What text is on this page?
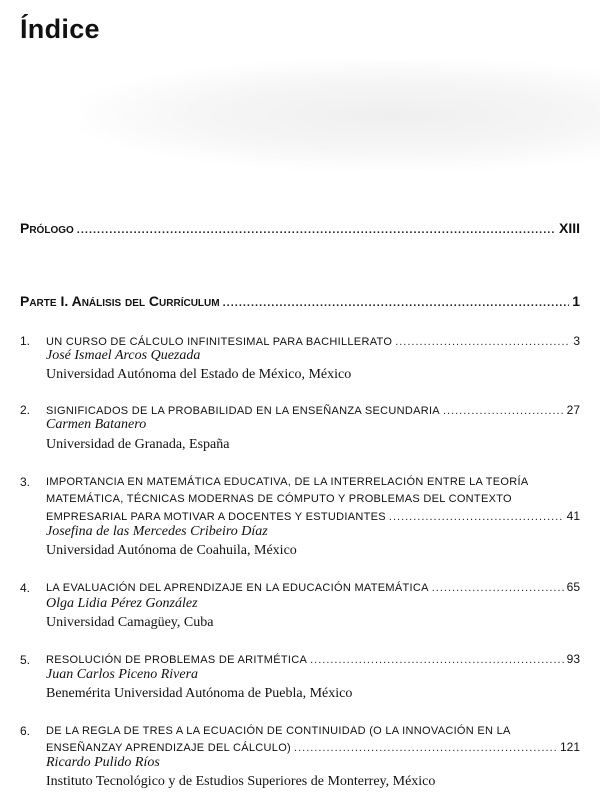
Índice
Prólogo .....	XIII
Parte I. Análisis del Currículum .....	1
1. UN CURSO DE CÁLCULO INFINITESIMAL PARA BACHILLERATO .....	3
José Ismael Arcos Quezada
Universidad Autónoma del Estado de México, México
2. SIGNIFICADOS DE LA PROBABILIDAD EN LA ENSEÑANZA SECUNDARIA .....	27
Carmen Batanero
Universidad de Granada, España
3. IMPORTANCIA EN MATEMÁTICA EDUCATIVA, DE LA INTERRELACIÓN ENTRE LA TEORÍA
MATEMÁTICA, TÉCNICAS MODERNAS DE CÓMPUTO Y PROBLEMAS DEL CONTEXTO
EMPRESARIAL PARA MOTIVAR A DOCENTES Y ESTUDIANTES .....	41
Josefina de las Mercedes Cribeiro Díaz
Universidad Autónoma de Coahuila, México
4. LA EVALUACIÓN DEL APRENDIZAJE EN LA EDUCACIÓN MATEMÁTICA .....	65
Olga Lidia Pérez González
Universidad Camagüey, Cuba
5. RESOLUCIÓN DE PROBLEMAS DE ARITMÉTICA .....	93
Juan Carlos Piceno Rivera
Benemérita Universidad Autónoma de Puebla, México
6. DE LA REGLA DE TRES A LA ECUACIÓN DE CONTINUIDAD (O LA INNOVACIÓN EN LA
ENSEÑANZAY APRENDIZAJE DEL CÁLCULO) .....	121
Ricardo Pulido Ríos
Instituto Tecnológico y de Estudios Superiores de Monterrey, México
